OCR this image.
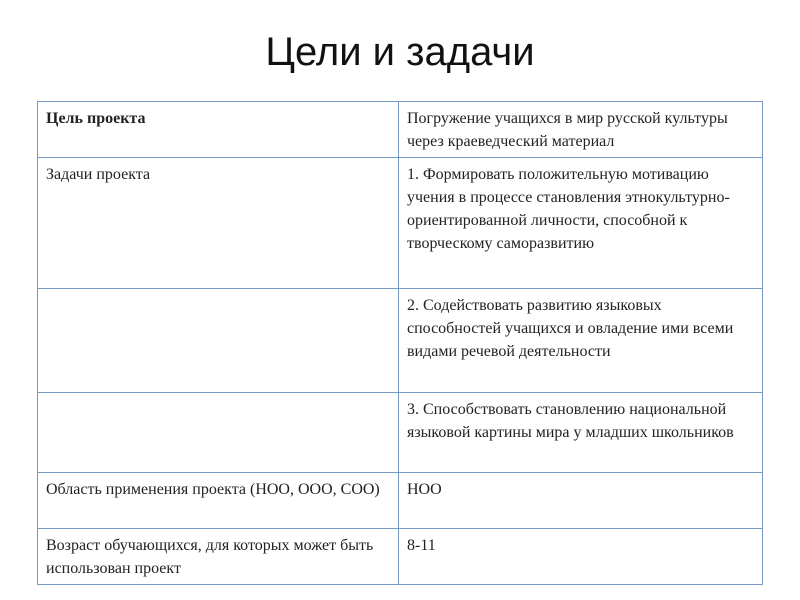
Цели и задачи
Цель проекта	Погружение учащихся в мир русской культуры через краеведческий материал
Задачи проекта	1. Формировать положительную мотивацию учения в процессе становления этнокультурно-ориентированной личности, способной к творческому саморазвитию
	2. Содействовать развитию языковых способностей учащихся и овладение ими всеми видами речевой деятельности
	3. Способствовать становлению национальной языковой картины мира у младших школьников
Область применения проекта (НОО, ООО, СОО)	НОО
Возраст обучающихся, для которых может быть использован проект	8-11
